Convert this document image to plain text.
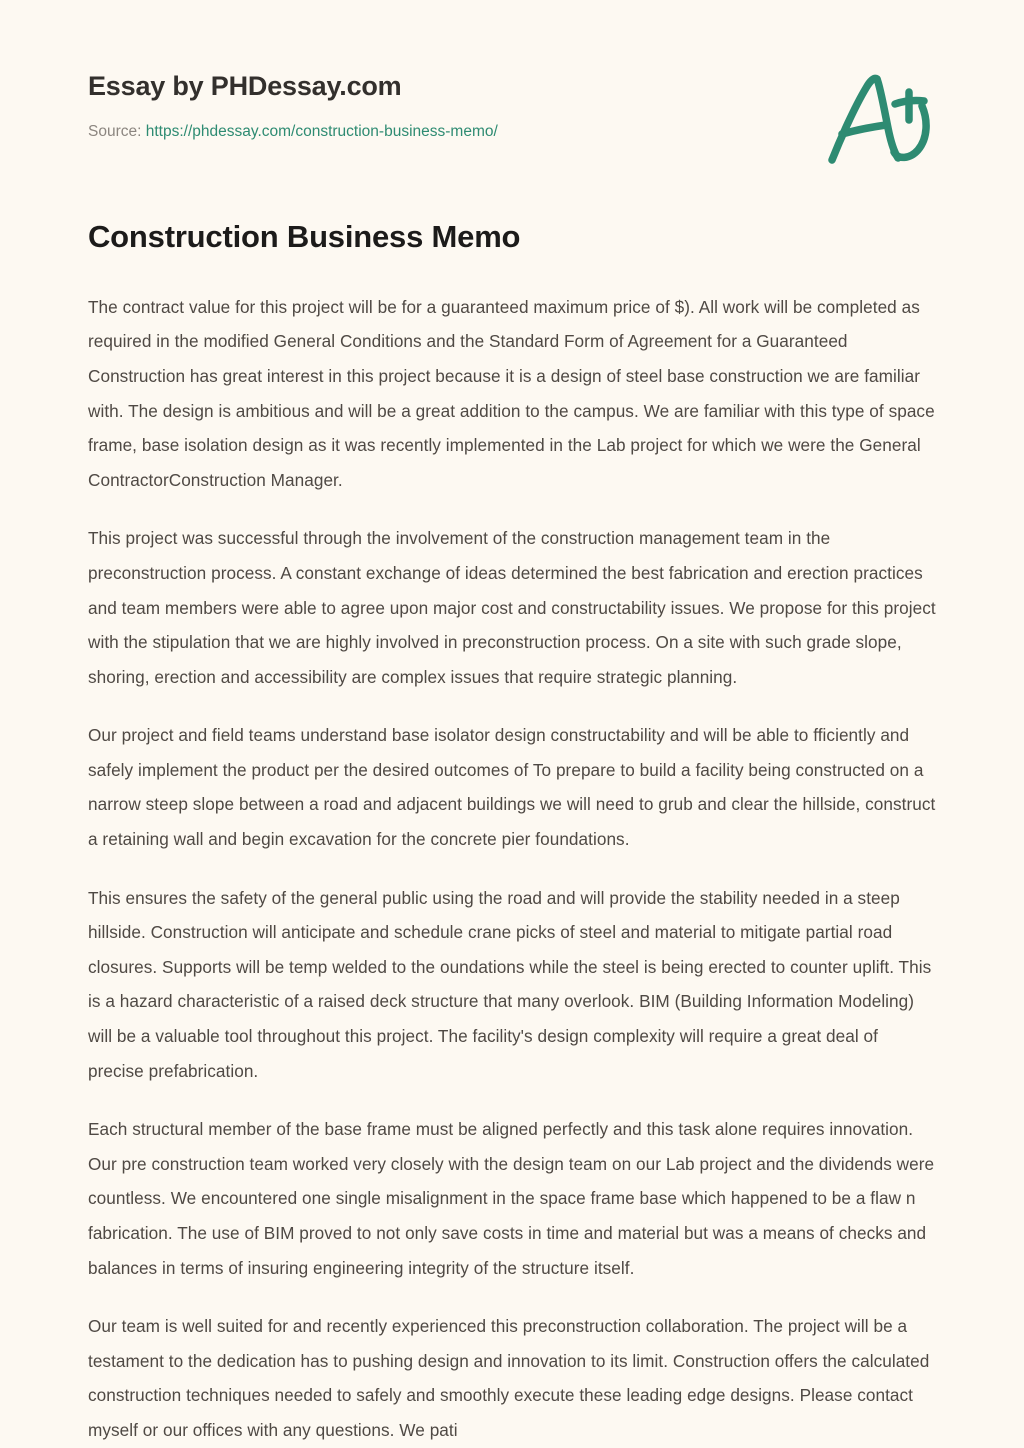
Essay by PHDessay.com
Source: https://phdessay.com/construction-business-memo/
Construction Business Memo

The contract value for this project will be for a guaranteed maximum price of $). All work will be completed as required in the modified General Conditions and the Standard Form of Agreement for a Guaranteed Construction has great interest in this project because it is a design of steel base construction we are familiar with. The design is ambitious and will be a great addition to the campus. We are familiar with this type of space frame, base isolation design as it was recently implemented in the Lab project for which we were the General ContractorConstruction Manager.

This project was successful through the involvement of the construction management team in the preconstruction process. A constant exchange of ideas determined the best fabrication and erection practices and team members were able to agree upon major cost and constructability issues. We propose for this project with the stipulation that we are highly involved in preconstruction process. On a site with such grade slope, shoring, erection and accessibility are complex issues that require strategic planning.

Our project and field teams understand base isolator design constructability and will be able to fficiently and safely implement the product per the desired outcomes of To prepare to build a facility being constructed on a narrow steep slope between a road and adjacent buildings we will need to grub and clear the hillside, construct a retaining wall and begin excavation for the concrete pier foundations.

This ensures the safety of the general public using the road and will provide the stability needed in a steep hillside. Construction will anticipate and schedule crane picks of steel and material to mitigate partial road closures. Supports will be temp welded to the oundations while the steel is being erected to counter uplift. This is a hazard characteristic of a raised deck structure that many overlook. BIM (Building Information Modeling) will be a valuable tool throughout this project. The facility's design complexity will require a great deal of precise prefabrication.

Each structural member of the base frame must be aligned perfectly and this task alone requires innovation. Our pre construction team worked very closely with the design team on our Lab project and the dividends were countless. We encountered one single misalignment in the space frame base which happened to be a flaw n fabrication. The use of BIM proved to not only save costs in time and material but was a means of checks and balances in terms of insuring engineering integrity of the structure itself.

Our team is well suited for and recently experienced this preconstruction collaboration. The project will be a testament to the dedication has to pushing design and innovation to its limit. Construction offers the calculated construction techniques needed to safely and smoothly execute these leading edge designs. Please contact myself or our offices with any questions. We pati
